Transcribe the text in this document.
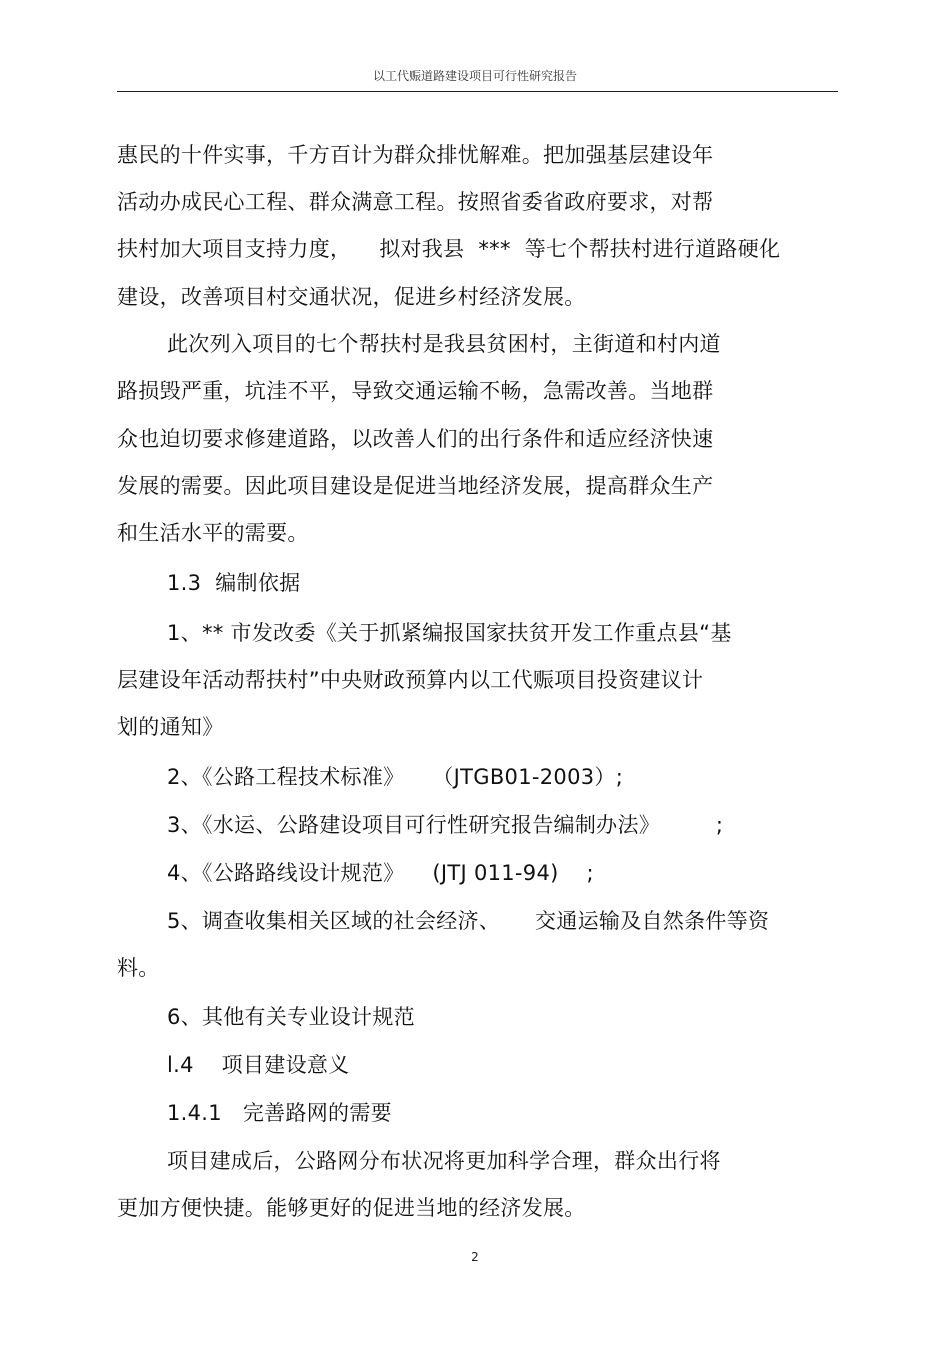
以工代赈道路建设项目可行性研究报告
惠民的十件实事，千方百计为群众排忧解难。把加强基层建设年
活动办成民心工程、群众满意工程。按照省委省政府要求，对帮
扶村加大项目支持力度，    拟对我县  ***  等七个帮扶村进行道路硬化
建设，改善项目村交通状况，促进乡村经济发展。
此次列入项目的七个帮扶村是我县贫困村，主街道和村内道
路损毁严重，坑洼不平，导致交通运输不畅，急需改善。当地群
众也迫切要求修建道路，以改善人们的出行条件和适应经济快速
发展的需要。因此项目建设是促进当地经济发展，提高群众生产
和生活水平的需要。
1.3  编制依据
1、** 市发改委《关于抓紧编报国家扶贫开发工作重点县“基
层建设年活动帮扶村”中央财政预算内以工代赈项目投资建议计
划的通知》
2、《公路工程技术标准》    （JTGB01-2003）;
3、《水运、公路建设项目可行性研究报告编制办法》        ;
4、《公路路线设计规范》    (JTJ 011-94)    ;
5、调查收集相关区域的社会经济、     交通运输及自然条件等资
料。
6、其他有关专业设计规范
l.4    项目建设意义
1.4.1   完善路网的需要
项目建成后，公路网分布状况将更加科学合理，群众出行将
更加方便快捷。能够更好的促进当地的经济发展。
2
